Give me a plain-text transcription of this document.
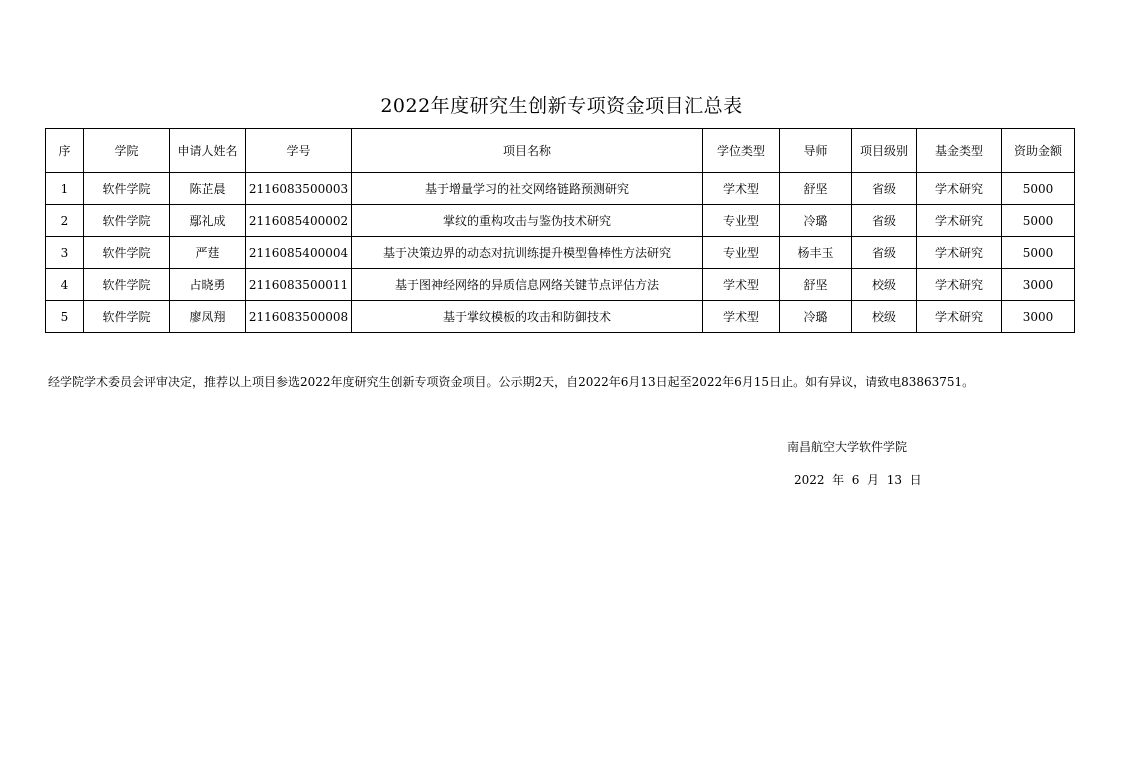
2022年度研究生创新专项资金项目汇总表
序	学院	申请人姓名	学号	项目名称	学位类型	导师	项目级别	基金类型	资助金额
1	软件学院	陈芷晨	2116083500003	基于增量学习的社交网络链路预测研究	学术型	舒坚	省级	学术研究	5000
2	软件学院	鄢礼成	2116085400002	掌纹的重构攻击与鉴伪技术研究	专业型	冷璐	省级	学术研究	5000
3	软件学院	严莛	2116085400004	基于决策边界的动态对抗训练提升模型鲁棒性方法研究	专业型	杨丰玉	省级	学术研究	5000
4	软件学院	占晓勇	2116083500011	基于图神经网络的异质信息网络关键节点评估方法	学术型	舒坚	校级	学术研究	3000
5	软件学院	廖凤翔	2116083500008	基于掌纹模板的攻击和防御技术	学术型	冷璐	校级	学术研究	3000
经学院学术委员会评审决定，推荐以上项目参选2022年度研究生创新专项资金项目。公示期2天，自2022年6月13日起至2022年6月15日止。如有异议，请致电83863751。
南昌航空大学软件学院
2022  年  6  月  13  日
